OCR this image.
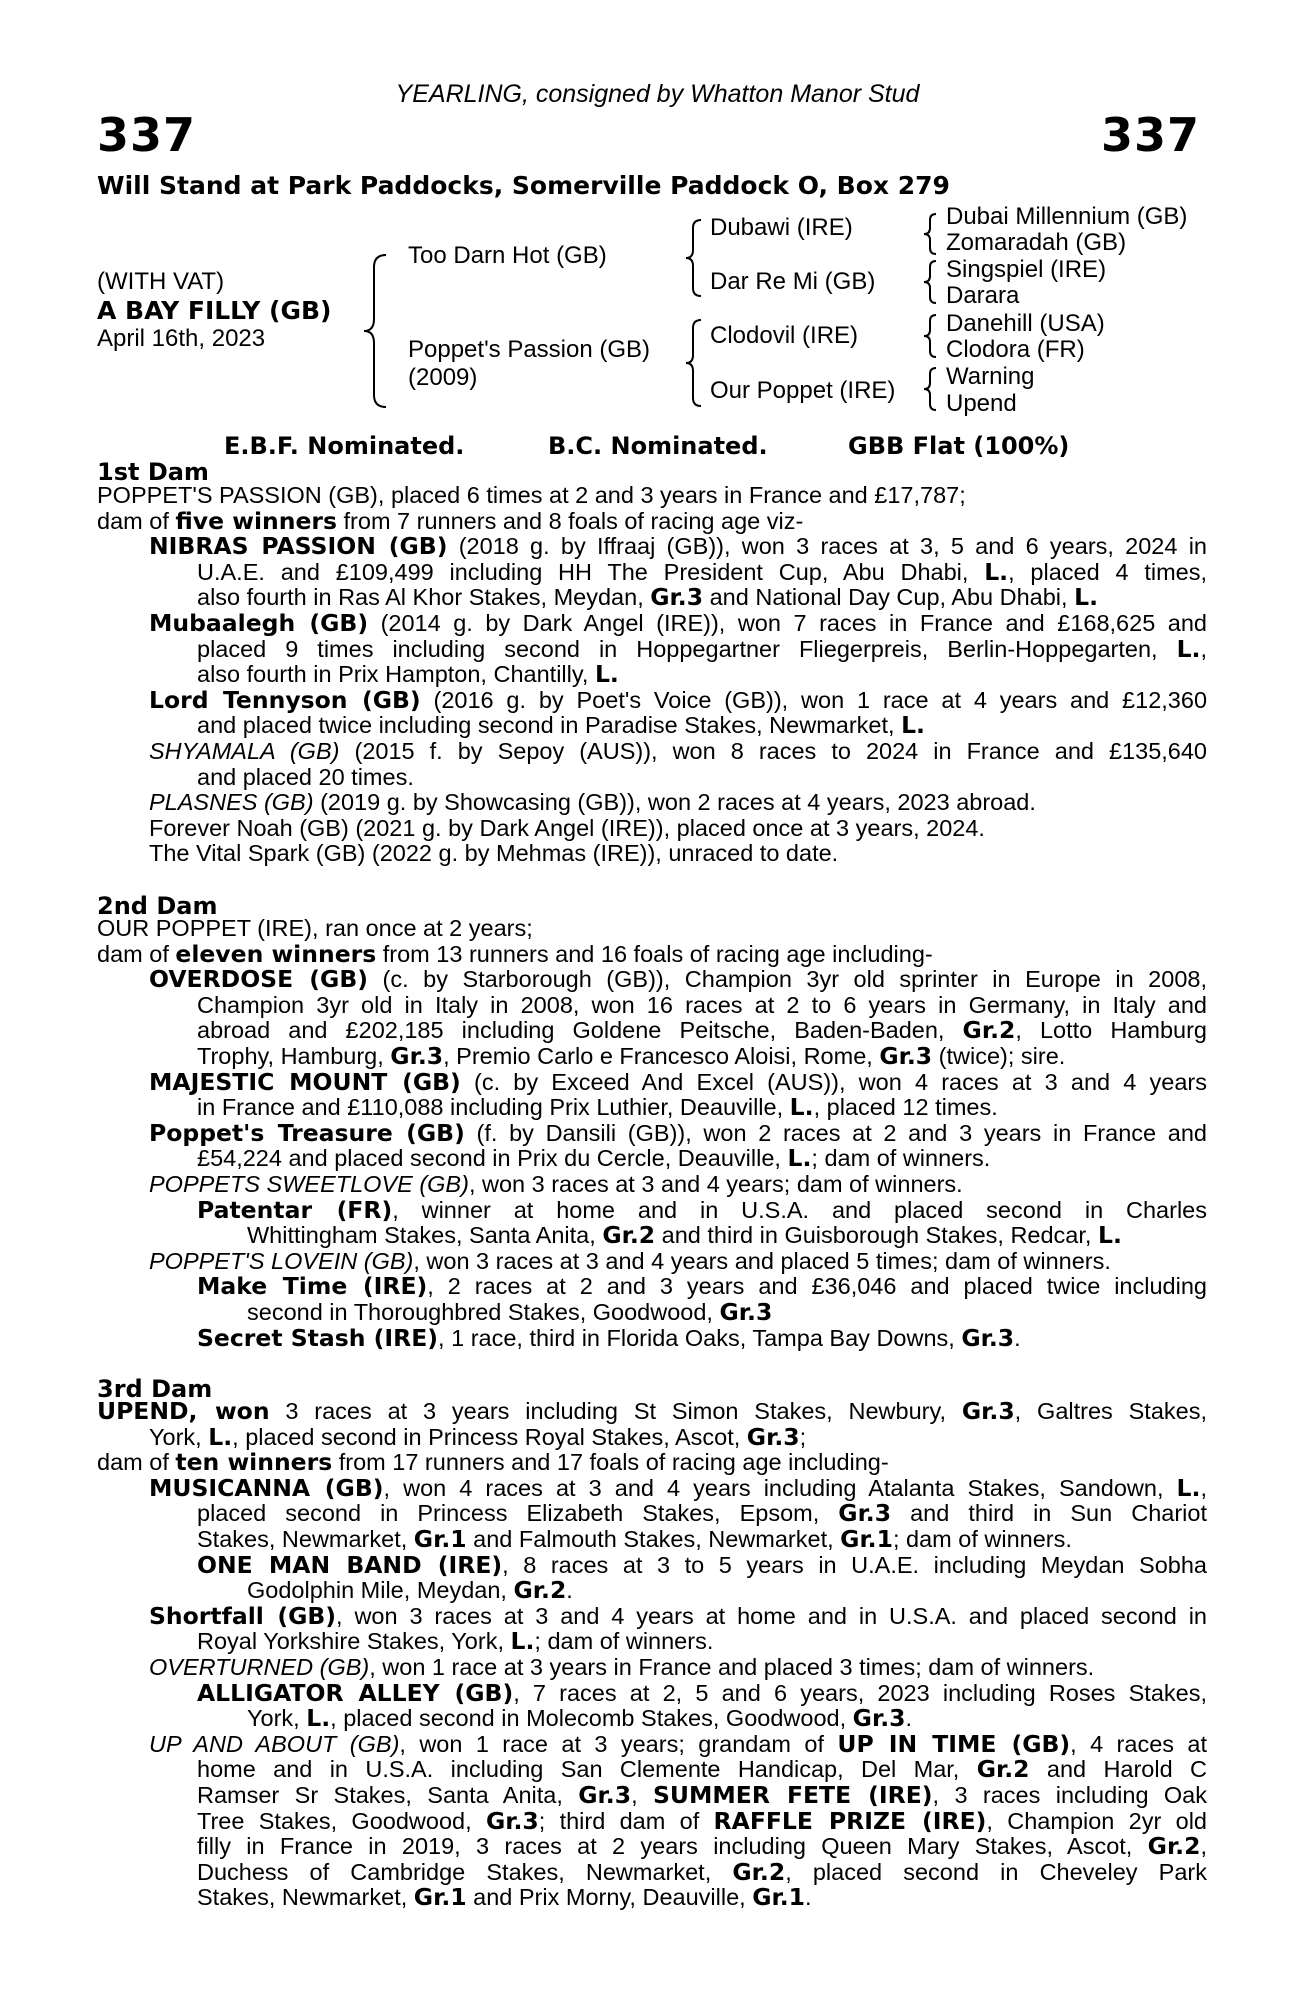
YEARLING, consigned by Whatton Manor Stud
337	337
Will Stand at Park Paddocks, Somerville Paddock O, Box 279
(WITH VAT)
A BAY FILLY (GB)
April 16th, 2023
Too Darn Hot (GB)
Poppet's Passion (GB)
(2009)
Dubawi (IRE)
Dar Re Mi (GB)
Clodovil (IRE)
Our Poppet (IRE)
Dubai Millennium (GB)
Zomaradah (GB)
Singspiel (IRE)
Darara
Danehill (USA)
Clodora (FR)
Warning
Upend
E.B.F. Nominated.	B.C. Nominated.	GBB Flat (100%)
1st Dam
POPPET'S PASSION (GB), placed 6 times at 2 and 3 years in France and £17,787;
dam of five winners from 7 runners and 8 foals of racing age viz-
NIBRAS PASSION (GB) (2018 g. by Iffraaj (GB)), won 3 races at 3, 5 and 6 years, 2024 in
U.A.E. and £109,499 including HH The President Cup, Abu Dhabi, L., placed 4 times,
also fourth in Ras Al Khor Stakes, Meydan, Gr.3 and National Day Cup, Abu Dhabi, L.
Mubaalegh (GB) (2014 g. by Dark Angel (IRE)), won 7 races in France and £168,625 and
placed 9 times including second in Hoppegartner Fliegerpreis, Berlin-Hoppegarten, L.,
also fourth in Prix Hampton, Chantilly, L.
Lord Tennyson (GB) (2016 g. by Poet's Voice (GB)), won 1 race at 4 years and £12,360
and placed twice including second in Paradise Stakes, Newmarket, L.
SHYAMALA (GB) (2015 f. by Sepoy (AUS)), won 8 races to 2024 in France and £135,640
and placed 20 times.
PLASNES (GB) (2019 g. by Showcasing (GB)), won 2 races at 4 years, 2023 abroad.
Forever Noah (GB) (2021 g. by Dark Angel (IRE)), placed once at 3 years, 2024.
The Vital Spark (GB) (2022 g. by Mehmas (IRE)), unraced to date.
2nd Dam
OUR POPPET (IRE), ran once at 2 years;
dam of eleven winners from 13 runners and 16 foals of racing age including-
OVERDOSE (GB) (c. by Starborough (GB)), Champion 3yr old sprinter in Europe in 2008,
Champion 3yr old in Italy in 2008, won 16 races at 2 to 6 years in Germany, in Italy and
abroad and £202,185 including Goldene Peitsche, Baden-Baden, Gr.2, Lotto Hamburg
Trophy, Hamburg, Gr.3, Premio Carlo e Francesco Aloisi, Rome, Gr.3 (twice); sire.
MAJESTIC MOUNT (GB) (c. by Exceed And Excel (AUS)), won 4 races at 3 and 4 years
in France and £110,088 including Prix Luthier, Deauville, L., placed 12 times.
Poppet's Treasure (GB) (f. by Dansili (GB)), won 2 races at 2 and 3 years in France and
£54,224 and placed second in Prix du Cercle, Deauville, L.; dam of winners.
POPPETS SWEETLOVE (GB), won 3 races at 3 and 4 years; dam of winners.
Patentar (FR), winner at home and in U.S.A. and placed second in Charles
Whittingham Stakes, Santa Anita, Gr.2 and third in Guisborough Stakes, Redcar, L.
POPPET'S LOVEIN (GB), won 3 races at 3 and 4 years and placed 5 times; dam of winners.
Make Time (IRE), 2 races at 2 and 3 years and £36,046 and placed twice including
second in Thoroughbred Stakes, Goodwood, Gr.3
Secret Stash (IRE), 1 race, third in Florida Oaks, Tampa Bay Downs, Gr.3.
3rd Dam
UPEND, won 3 races at 3 years including St Simon Stakes, Newbury, Gr.3, Galtres Stakes,
York, L., placed second in Princess Royal Stakes, Ascot, Gr.3;
dam of ten winners from 17 runners and 17 foals of racing age including-
MUSICANNA (GB), won 4 races at 3 and 4 years including Atalanta Stakes, Sandown, L.,
placed second in Princess Elizabeth Stakes, Epsom, Gr.3 and third in Sun Chariot
Stakes, Newmarket, Gr.1 and Falmouth Stakes, Newmarket, Gr.1; dam of winners.
ONE MAN BAND (IRE), 8 races at 3 to 5 years in U.A.E. including Meydan Sobha
Godolphin Mile, Meydan, Gr.2.
Shortfall (GB), won 3 races at 3 and 4 years at home and in U.S.A. and placed second in
Royal Yorkshire Stakes, York, L.; dam of winners.
OVERTURNED (GB), won 1 race at 3 years in France and placed 3 times; dam of winners.
ALLIGATOR ALLEY (GB), 7 races at 2, 5 and 6 years, 2023 including Roses Stakes,
York, L., placed second in Molecomb Stakes, Goodwood, Gr.3.
UP AND ABOUT (GB), won 1 race at 3 years; grandam of UP IN TIME (GB), 4 races at
home and in U.S.A. including San Clemente Handicap, Del Mar, Gr.2 and Harold C
Ramser Sr Stakes, Santa Anita, Gr.3, SUMMER FETE (IRE), 3 races including Oak
Tree Stakes, Goodwood, Gr.3; third dam of RAFFLE PRIZE (IRE), Champion 2yr old
filly in France in 2019, 3 races at 2 years including Queen Mary Stakes, Ascot, Gr.2,
Duchess of Cambridge Stakes, Newmarket, Gr.2, placed second in Cheveley Park
Stakes, Newmarket, Gr.1 and Prix Morny, Deauville, Gr.1.
